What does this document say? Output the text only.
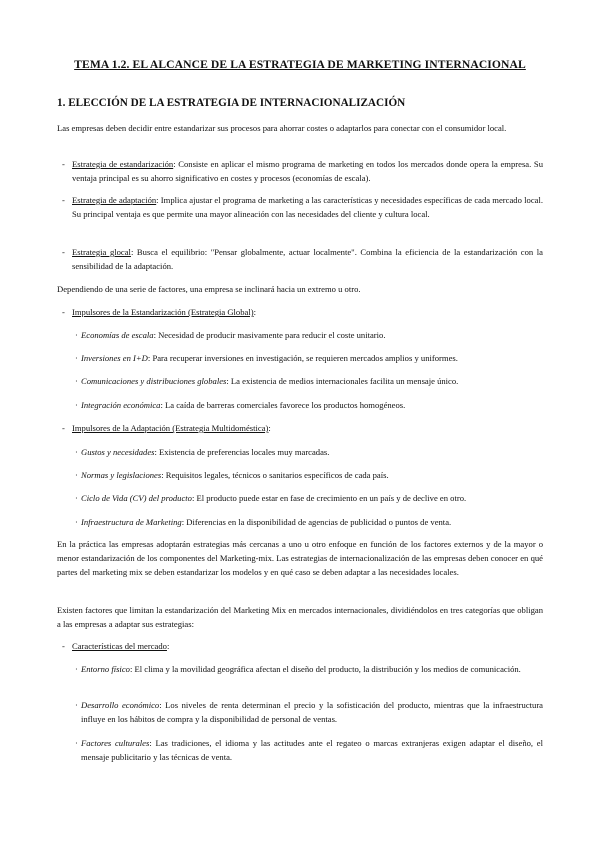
TEMA 1.2. EL ALCANCE DE LA ESTRATEGIA DE MARKETING INTERNACIONAL
1. ELECCIÓN DE LA ESTRATEGIA DE INTERNACIONALIZACIÓN
Las empresas deben decidir entre estandarizar sus procesos para ahorrar costes o adaptarlos para conectar con el consumidor local.
- Estrategia de estandarización: Consiste en aplicar el mismo programa de marketing en todos los mercados donde opera la empresa. Su ventaja principal es su ahorro significativo en costes y procesos (economías de escala).
- Estrategia de adaptación: Implica ajustar el programa de marketing a las características y necesidades específicas de cada mercado local. Su principal ventaja es que permite una mayor alineación con las necesidades del cliente y cultura local.
- Estrategia glocal: Busca el equilibrio: "Pensar globalmente, actuar localmente". Combina la eficiencia de la estandarización con la sensibilidad de la adaptación.
Dependiendo de una serie de factores, una empresa se inclinará hacia un extremo u otro.
- Impulsores de la Estandarización (Estrategia Global):
· Economías de escala: Necesidad de producir masivamente para reducir el coste unitario.
· Inversiones en I+D: Para recuperar inversiones en investigación, se requieren mercados amplios y uniformes.
· Comunicaciones y distribuciones globales: La existencia de medios internacionales facilita un mensaje único.
· Integración económica: La caída de barreras comerciales favorece los productos homogéneos.
- Impulsores de la Adaptación (Estrategia Multidoméstica):
· Gustos y necesidades: Existencia de preferencias locales muy marcadas.
· Normas y legislaciones: Requisitos legales, técnicos o sanitarios específicos de cada país.
· Ciclo de Vida (CV) del producto: El producto puede estar en fase de crecimiento en un país y de declive en otro.
· Infraestructura de Marketing: Diferencias en la disponibilidad de agencias de publicidad o puntos de venta.
En la práctica las empresas adoptarán estrategias más cercanas a uno u otro enfoque en función de los factores externos y de la mayor o menor estandarización de los componentes del Marketing-mix. Las estrategias de internacionalización de las empresas deben conocer en qué partes del marketing mix se deben estandarizar los modelos y en qué caso se deben adaptar a las necesidades locales.
Existen factores que limitan la estandarización del Marketing Mix en mercados internacionales, dividiéndolos en tres categorías que obligan a las empresas a adaptar sus estrategias:
- Características del mercado:
· Entorno físico: El clima y la movilidad geográfica afectan el diseño del producto, la distribución y los medios de comunicación.
· Desarrollo económico: Los niveles de renta determinan el precio y la sofisticación del producto, mientras que la infraestructura influye en los hábitos de compra y la disponibilidad de personal de ventas.
· Factores culturales: Las tradiciones, el idioma y las actitudes ante el regateo o marcas extranjeras exigen adaptar el diseño, el mensaje publicitario y las técnicas de venta.
